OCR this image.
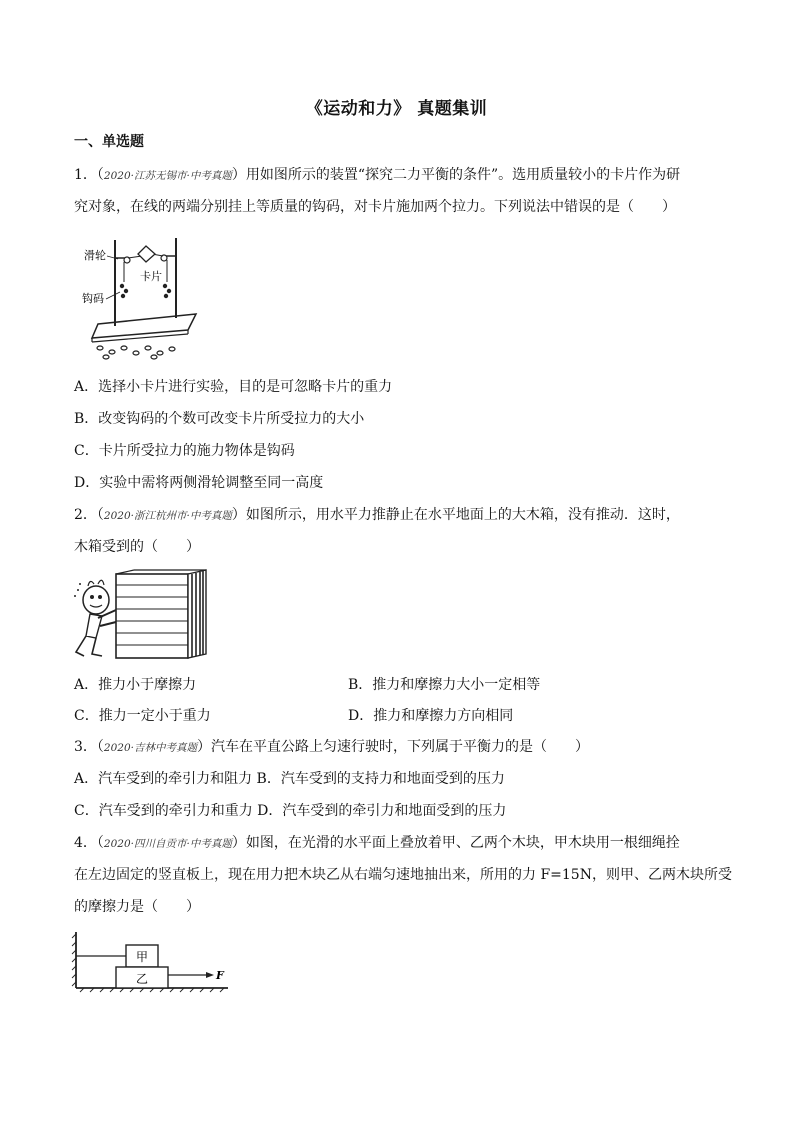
《运动和力》 真题集训
一、单选题
1．（2020·江苏无锡市·中考真题）用如图所示的装置“探究二力平衡的条件”。选用质量较小的卡片作为研
究对象，在线的两端分别挂上等质量的钩码，对卡片施加两个拉力。下列说法中错误的是（　　）
滑轮
卡片
钩码
A．选择小卡片进行实验，目的是可忽略卡片的重力
B．改变钩码的个数可改变卡片所受拉力的大小
C．卡片所受拉力的施力物体是钩码
D．实验中需将两侧滑轮调整至同一高度
2．（2020·浙江杭州市·中考真题）如图所示，用水平力推静止在水平地面上的大木箱，没有推动．这时，
木箱受到的（　　）
A．推力小于摩擦力	B．推力和摩擦力大小一定相等
C．推力一定小于重力	D．推力和摩擦力方向相同
3．（2020·吉林中考真题）汽车在平直公路上匀速行驶时，下列属于平衡力的是（　　）
A．汽车受到的牵引力和阻力 B．汽车受到的支持力和地面受到的压力
C．汽车受到的牵引力和重力 D．汽车受到的牵引力和地面受到的压力
4．（2020·四川自贡市·中考真题）如图，在光滑的水平面上叠放着甲、乙两个木块，甲木块用一根细绳拴
在左边固定的竖直板上，现在用力把木块乙从右端匀速地抽出来，所用的力 F=15N，则甲、乙两木块所受
的摩擦力是（　　）
甲
乙	F
